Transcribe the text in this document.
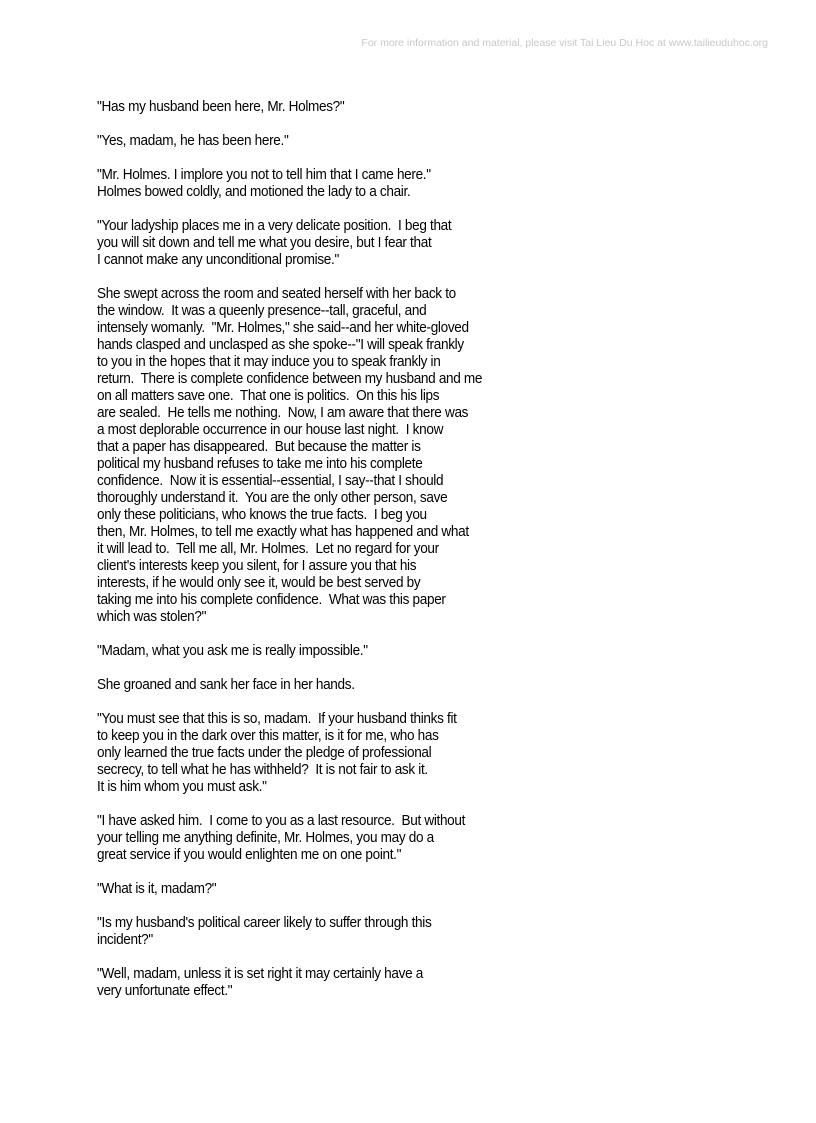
For more information and material, please visit Tai Lieu Du Hoc at www.tailieuduhoc.org
"Has my husband been here, Mr. Holmes?"
"Yes, madam, he has been here."
"Mr. Holmes. I implore you not to tell him that I came here."
Holmes bowed coldly, and motioned the lady to a chair.
"Your ladyship places me in a very delicate position.  I beg that
you will sit down and tell me what you desire, but I fear that
I cannot make any unconditional promise."
She swept across the room and seated herself with her back to
the window.  It was a queenly presence--tall, graceful, and
intensely womanly.  "Mr. Holmes," she said--and her white-gloved
hands clasped and unclasped as she spoke--"I will speak frankly
to you in the hopes that it may induce you to speak frankly in
return.  There is complete confidence between my husband and me
on all matters save one.  That one is politics.  On this his lips
are sealed.  He tells me nothing.  Now, I am aware that there was
a most deplorable occurrence in our house last night.  I know
that a paper has disappeared.  But because the matter is
political my husband refuses to take me into his complete
confidence.  Now it is essential--essential, I say--that I should
thoroughly understand it.  You are the only other person, save
only these politicians, who knows the true facts.  I beg you
then, Mr. Holmes, to tell me exactly what has happened and what
it will lead to.  Tell me all, Mr. Holmes.  Let no regard for your
client's interests keep you silent, for I assure you that his
interests, if he would only see it, would be best served by
taking me into his complete confidence.  What was this paper
which was stolen?"
"Madam, what you ask me is really impossible."
She groaned and sank her face in her hands.
"You must see that this is so, madam.  If your husband thinks fit
to keep you in the dark over this matter, is it for me, who has
only learned the true facts under the pledge of professional
secrecy, to tell what he has withheld?  It is not fair to ask it.
It is him whom you must ask."
"I have asked him.  I come to you as a last resource.  But without
your telling me anything definite, Mr. Holmes, you may do a
great service if you would enlighten me on one point."
"What is it, madam?"
"Is my husband's political career likely to suffer through this
incident?"
"Well, madam, unless it is set right it may certainly have a
very unfortunate effect."
